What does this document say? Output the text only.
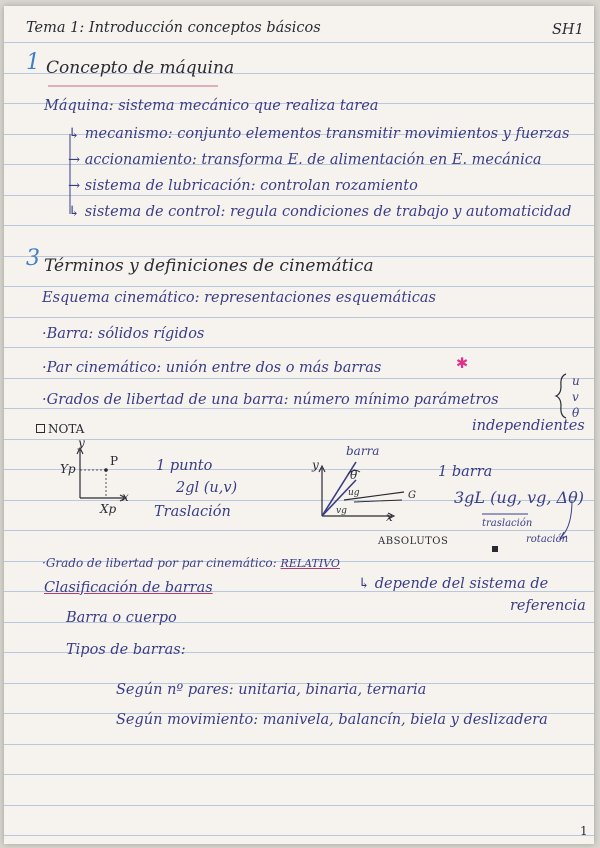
Tema 1: Introducción conceptos básicos	SH1
1 Concepto de máquina
Máquina: sistema mecánico que realiza tarea
↳ mecanismo: conjunto elementos transmitir movimientos y fuerzas
→ accionamiento: transforma E. de alimentación en E. mecánica
→ sistema de lubricación: controlan rozamiento
↳ sistema de control: regula condiciones de trabajo y automaticidad
3 Términos y definiciones de cinemática
Esquema cinemático: representaciones esquemáticas
·Barra: sólidos rígidos
·Par cinemático: unión entre dos o más barras	✱
·Grados de libertad de una barra: número mínimo parámetros
independientes
u
v
θ
NOTA
y
x
Yp
Xp
P	1 punto
2gl (u,v)
Traslación
barra
y
x
θ
ug
vg
G
1 barra
3gL (ug, vg, Δθ)
traslación
rotación
ABSOLUTOS
·Grado de libertad por par cinemático: RELATIVO
↳ depende del sistema de
referencia
Clasificación de barras
Barra o cuerpo
Tipos de barras:
Según nº pares: unitaria, binaria, ternaria
Según movimiento: manivela, balancín, biela y deslizadera
1
